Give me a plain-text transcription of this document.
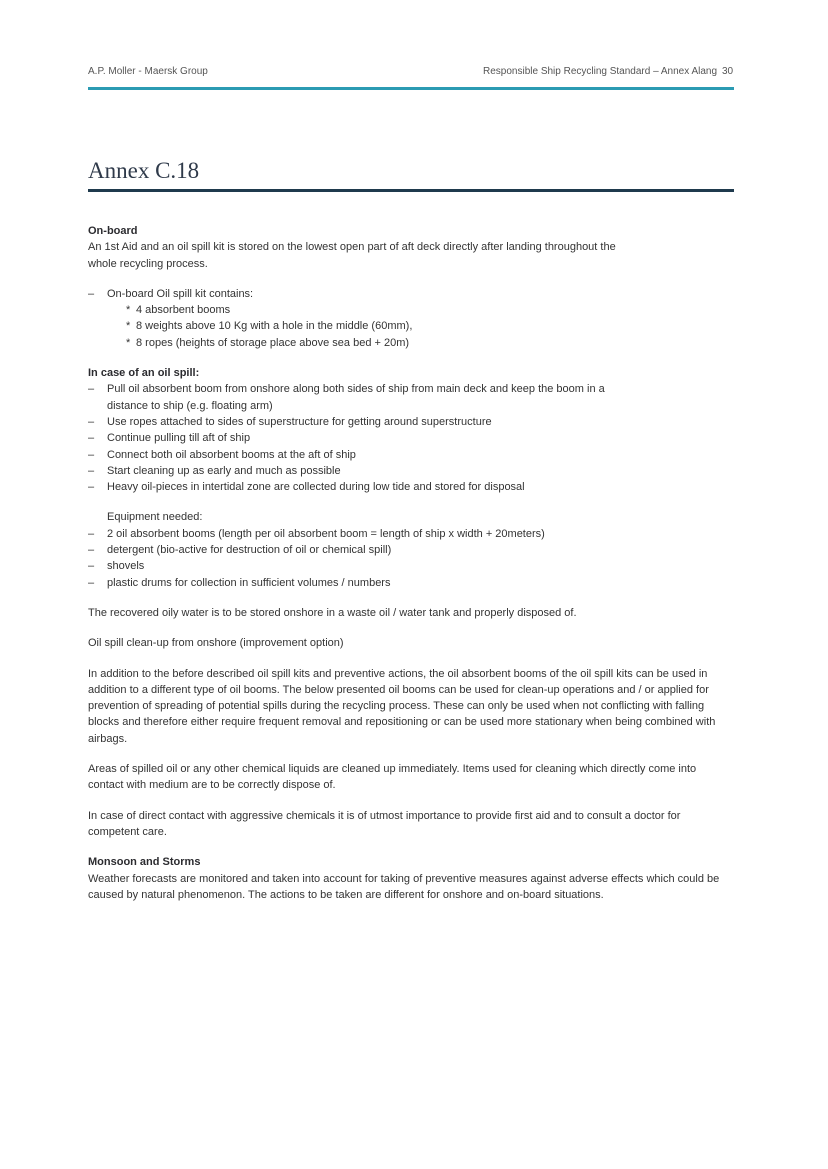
A.P. Moller - Maersk Group	Responsible Ship Recycling Standard – Annex Alang 30
Annex C.18

On-board

An 1st Aid and an oil spill kit is stored on the lowest open part of aft deck directly after landing throughout the whole recycling process.

– On-board Oil spill kit contains:
* 4 absorbent booms
* 8 weights above 10 Kg with a hole in the middle (60mm),
* 8 ropes (heights of storage place above sea bed + 20m)

In case of an oil spill:

– Pull oil absorbent boom from onshore along both sides of ship from main deck and keep the boom in a distance to ship (e.g. floating arm)
– Use ropes attached to sides of superstructure for getting around superstructure
– Continue pulling till aft of ship
– Connect both oil absorbent booms at the aft of ship
– Start cleaning up as early and much as possible
– Heavy oil-pieces in intertidal zone are collected during low tide and stored for disposal

Equipment needed:

– 2 oil absorbent booms (length per oil absorbent boom = length of ship x width + 20meters)
– detergent (bio-active for destruction of oil or chemical spill)
– shovels
– plastic drums for collection in sufficient volumes / numbers

The recovered oily water is to be stored onshore in a waste oil / water tank and properly disposed of.

Oil spill clean-up from onshore (improvement option)

In addition to the before described oil spill kits and preventive actions, the oil absorbent booms of the oil spill kits can be used in addition to a different type of oil booms. The below presented oil booms can be used for clean-up operations and / or applied for prevention of spreading of potential spills during the recycling process. These can only be used when not conflicting with falling blocks and therefore either require frequent removal and repositioning or can be used more stationary when being combined with airbags.

Areas of spilled oil or any other chemical liquids are cleaned up immediately. Items used for cleaning which directly come into contact with medium are to be correctly dispose of.

In case of direct contact with aggressive chemicals it is of utmost importance to provide first aid and to consult a doctor for competent care.

Monsoon and Storms

Weather forecasts are monitored and taken into account for taking of preventive measures against adverse effects which could be caused by natural phenomenon. The actions to be taken are different for onshore and on-board situations.
